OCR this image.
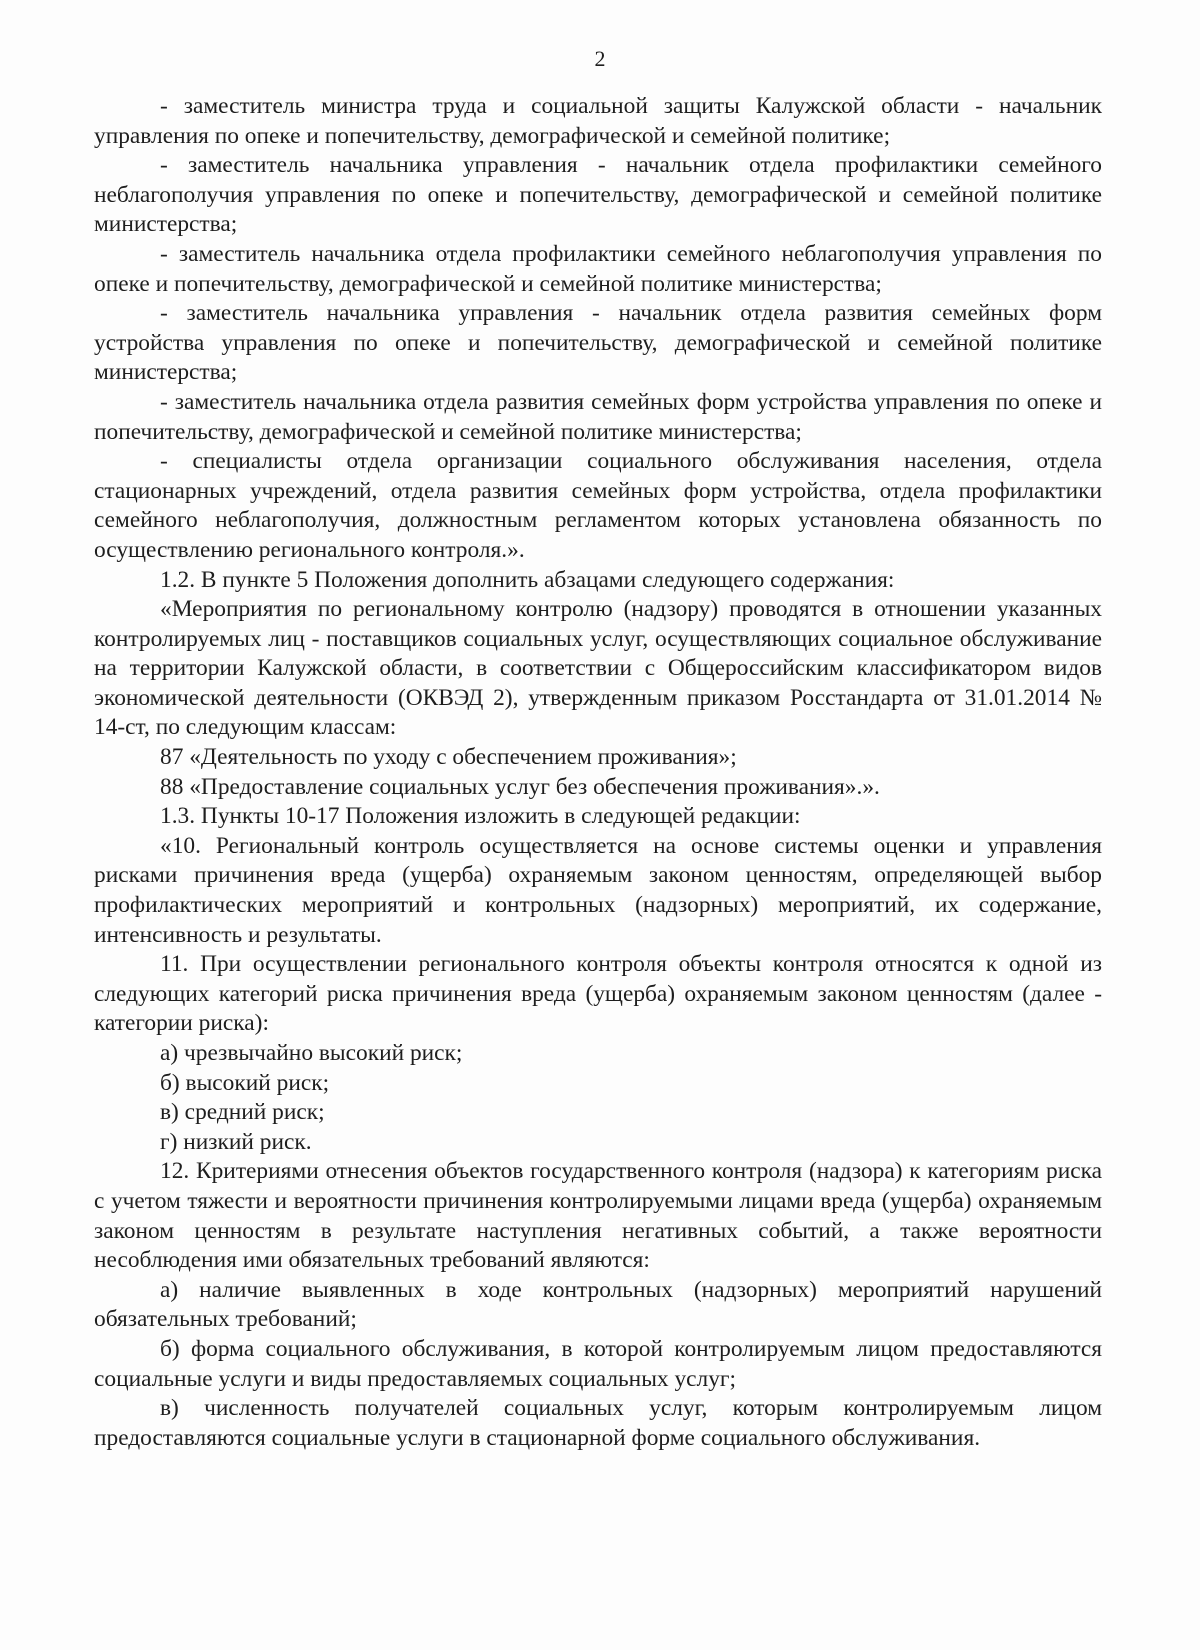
2

- заместитель министра труда и социальной защиты Калужской области - начальник управления по опеке и попечительству, демографической и семейной политике;

- заместитель начальника управления - начальник отдела профилактики семейного неблагополучия управления по опеке и попечительству, демографической и семейной политике министерства;

- заместитель начальника отдела профилактики семейного неблагополучия управления по опеке и попечительству, демографической и семейной политике министерства;

- заместитель начальника управления - начальник отдела развития семейных форм устройства управления по опеке и попечительству, демографической и семейной политике министерства;

- заместитель начальника отдела развития семейных форм устройства управления по опеке и попечительству, демографической и семейной политике министерства;

- специалисты отдела организации социального обслуживания населения, отдела стационарных учреждений, отдела развития семейных форм устройства, отдела профилактики семейного неблагополучия, должностным регламентом которых установлена обязанность по осуществлению регионального контроля.».

1.2. В пункте 5 Положения дополнить абзацами следующего содержания:

«Мероприятия по региональному контролю (надзору) проводятся в отношении указанных контролируемых лиц - поставщиков социальных услуг, осуществляющих социальное обслуживание на территории Калужской области, в соответствии с Общероссийским классификатором видов экономической деятельности (ОКВЭД 2), утвержденным приказом Росстандарта от 31.01.2014 № 14-ст, по следующим классам:

87 «Деятельность по уходу с обеспечением проживания»;

88 «Предоставление социальных услуг без обеспечения проживания».».

1.3. Пункты 10-17 Положения изложить в следующей редакции:

«10. Региональный контроль осуществляется на основе системы оценки и управления рисками причинения вреда (ущерба) охраняемым законом ценностям, определяющей выбор профилактических мероприятий и контрольных (надзорных) мероприятий, их содержание, интенсивность и результаты.

11. При осуществлении регионального контроля объекты контроля относятся к одной из следующих категорий риска причинения вреда (ущерба) охраняемым законом ценностям (далее - категории риска):

а) чрезвычайно высокий риск;

б) высокий риск;

в) средний риск;

г) низкий риск.

12. Критериями отнесения объектов государственного контроля (надзора) к категориям риска с учетом тяжести и вероятности причинения контролируемыми лицами вреда (ущерба) охраняемым законом ценностям в результате наступления негативных событий, а также вероятности несоблюдения ими обязательных требований являются:

а) наличие выявленных в ходе контрольных (надзорных) мероприятий нарушений обязательных требований;

б) форма социального обслуживания, в которой контролируемым лицом предоставляются социальные услуги и виды предоставляемых социальных услуг;

в) численность получателей социальных услуг, которым контролируемым лицом предоставляются социальные услуги в стационарной форме социального обслуживания.
